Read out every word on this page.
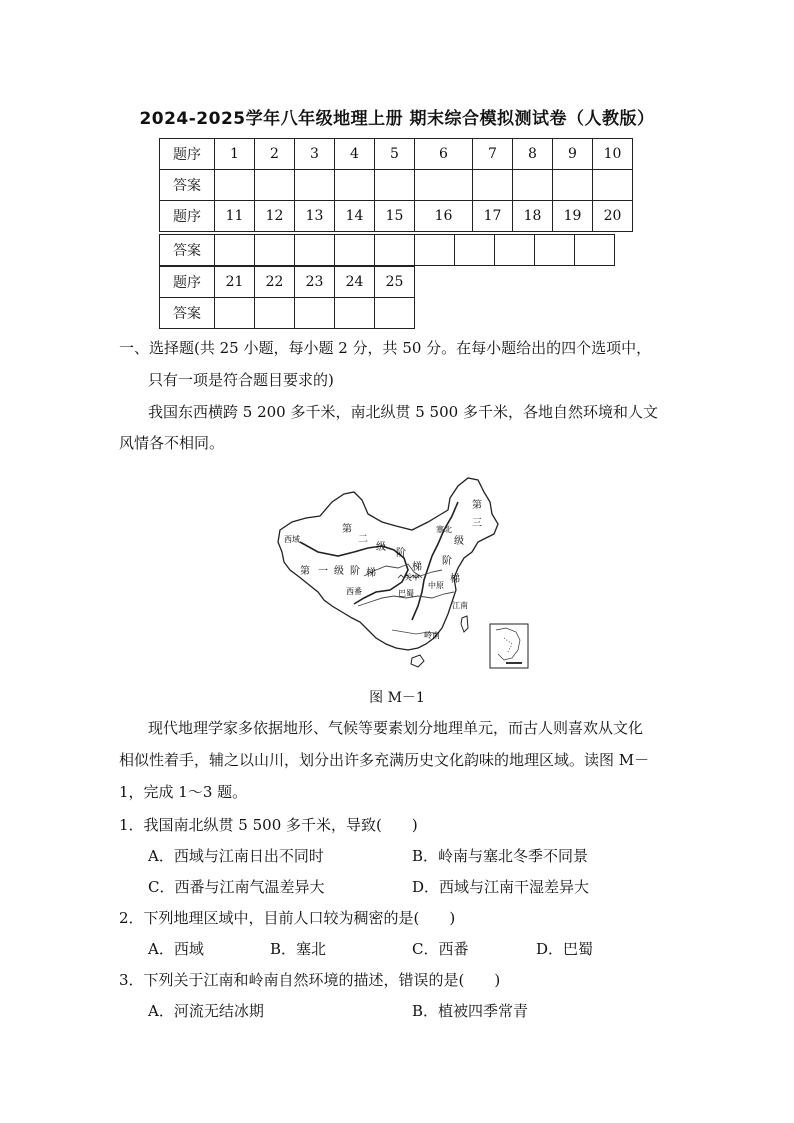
2024-2025学年八年级地理上册 期末综合模拟测试卷（人教版）
题序	1	2	3	4	5	6	7	8	9	10
答案										
题序	11	12	13	14	15	16	17	18	19	20
答案										
题序	21	22	23	24	25
答案					
一、选择题(共 25 小题，每小题 2 分，共 50 分。在每小题给出的四个选项中，
只有一项是符合题目要求的)
我国东西横跨 5 200 多千米，南北纵贯 5 500 多千米，各地自然环境和人文
风情各不相同。
西域
第 一 级 阶 梯
第
二
级
阶
梯
第
三
级
阶
梯
塞北
关中
中原
巴蜀
西番
江南
岭南
图 M－1
现代地理学家多依据地形、气候等要素划分地理单元，而古人则喜欢从文化
相似性着手，辅之以山川，划分出许多充满历史文化韵味的地理区域。读图 M－
1，完成 1～3 题。
1．我国南北纵贯 5 500 多千米，导致(　　)
A．西域与江南日出不同时	B．岭南与塞北冬季不同景
C．西番与江南气温差异大	D．西域与江南干湿差异大
2．下列地理区域中，目前人口较为稠密的是(　　)
A．西域	B．塞北	C．西番	D．巴蜀
3．下列关于江南和岭南自然环境的描述，错误的是(　　)
A．河流无结冰期	B．植被四季常青
